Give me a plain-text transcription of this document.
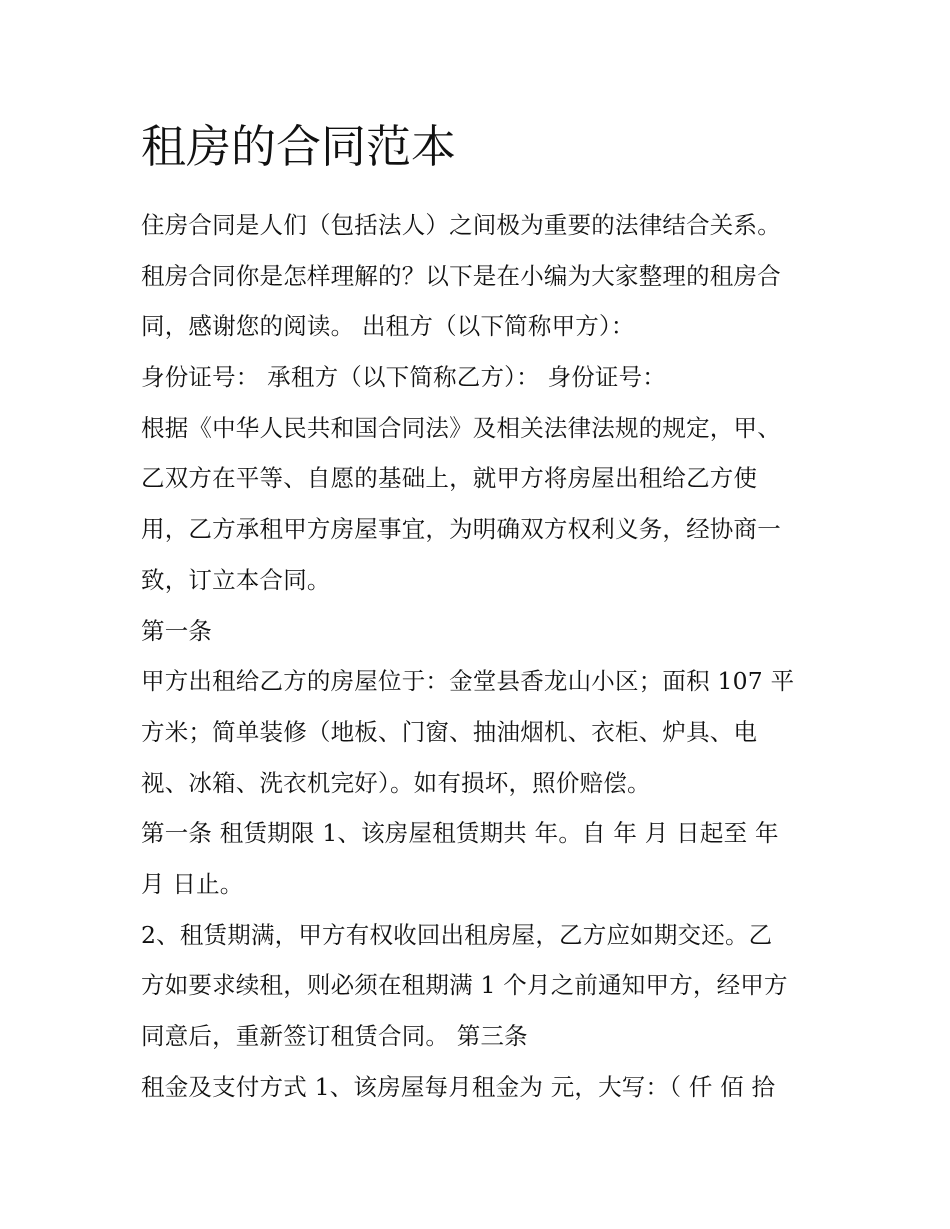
租房的合同范本
住房合同是人们（包括法人）之间极为重要的法律结合关系。
租房合同你是怎样理解的？以下是在小编为大家整理的租房合
同，感谢您的阅读。 出租方（以下简称甲方）：
身份证号： 承租方（以下简称乙方）： 身份证号：
根据《中华人民共和国合同法》及相关法律法规的规定，甲、
乙双方在平等、自愿的基础上，就甲方将房屋出租给乙方使
用，乙方承租甲方房屋事宜，为明确双方权利义务，经协商一
致，订立本合同。
第一条
甲方出租给乙方的房屋位于：金堂县香龙山小区；面积 107 平
方米；简单装修（地板、门窗、抽油烟机、衣柜、炉具、电
视、冰箱、洗衣机完好）。如有损坏，照价赔偿。
第一条 租赁期限 1、该房屋租赁期共 年。自 年 月 日起至 年
月 日止。
2、租赁期满，甲方有权收回出租房屋，乙方应如期交还。乙
方如要求续租，则必须在租期满 1 个月之前通知甲方，经甲方
同意后，重新签订租赁合同。 第三条
租金及支付方式 1、该房屋每月租金为 元，大写：（ 仟 佰 拾
